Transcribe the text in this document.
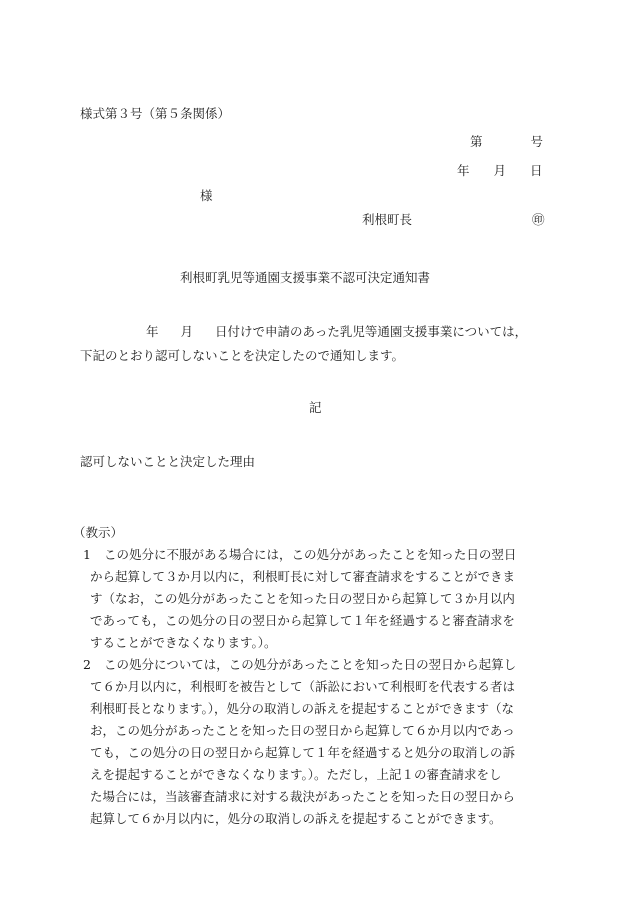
様式第３号（第５条関係）
第	号
年 月 日
様
利根町長	㊞
利根町乳児等通園支援事業不認可決定通知書
年 月 日付けで申請のあった乳児等通園支援事業については，
下記のとおり認可しないことを決定したので通知します。
記
認可しないことと決定した理由
（教示）
1	この処分に不服がある場合には，この処分があったことを知った日の翌日
から起算して３か月以内に，利根町長に対して審査請求をすることができま
す（なお，この処分があったことを知った日の翌日から起算して３か月以内
であっても，この処分の日の翌日から起算して１年を経過すると審査請求を
することができなくなります。）。
2	この処分については，この処分があったことを知った日の翌日から起算し
て６か月以内に，利根町を被告として（訴訟において利根町を代表する者は
利根町長となります。），処分の取消しの訴えを提起することができます（な
お，この処分があったことを知った日の翌日から起算して６か月以内であっ
ても，この処分の日の翌日から起算して１年を経過すると処分の取消しの訴
えを提起することができなくなります。）。ただし，上記１の審査請求をし
た場合には，当該審査請求に対する裁決があったことを知った日の翌日から
起算して６か月以内に，処分の取消しの訴えを提起することができます。
